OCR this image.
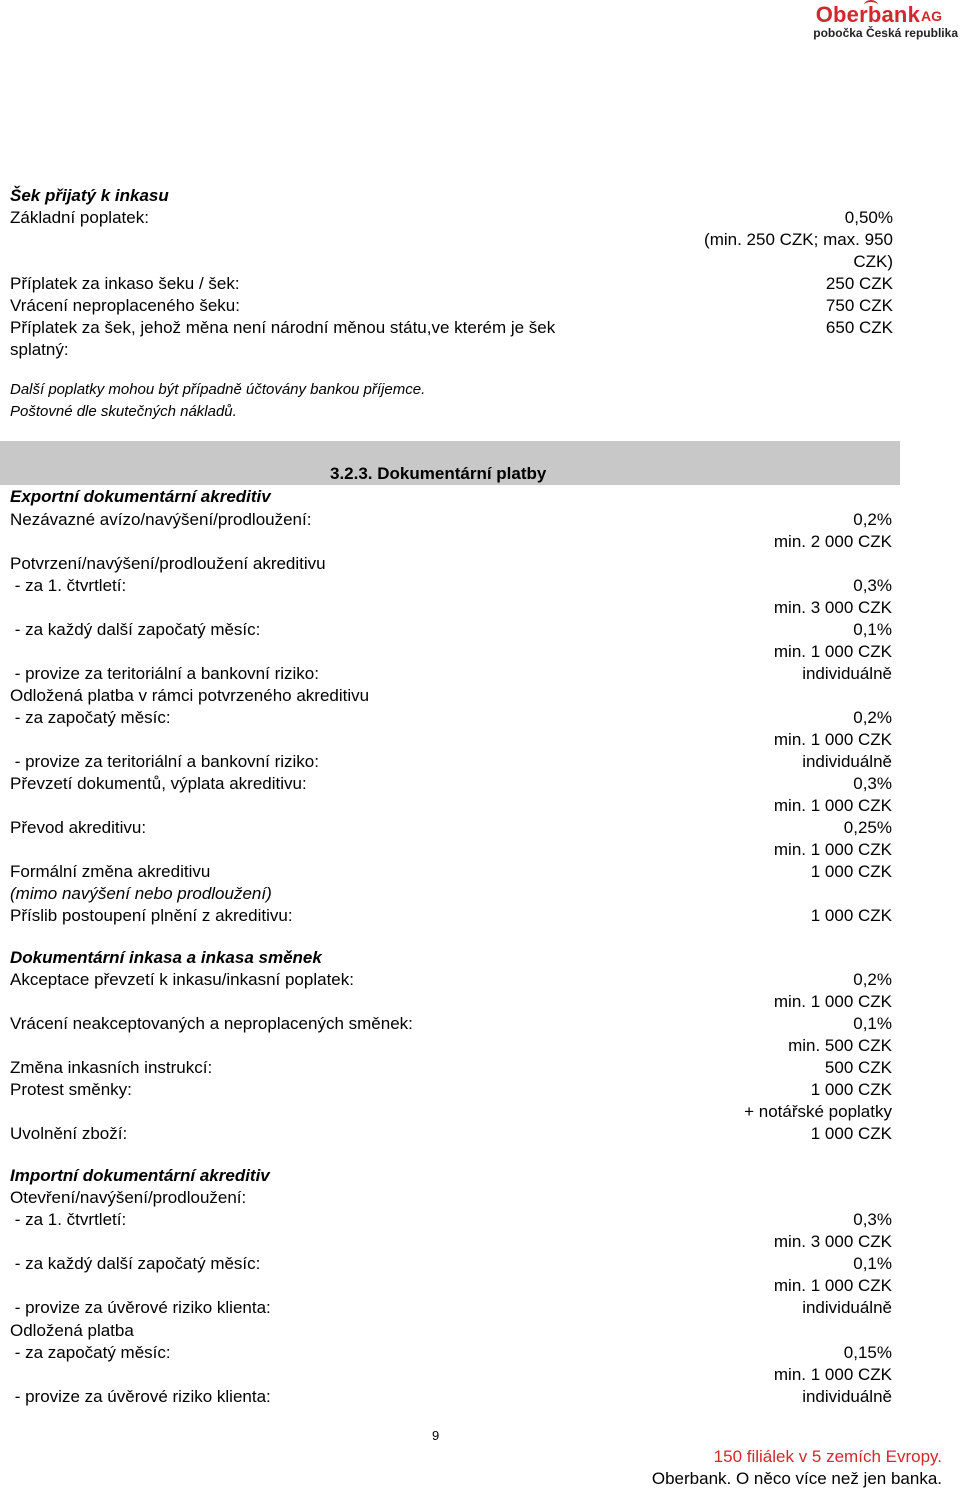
Oberbank AG
pobočka Česká republika
Šek přijatý k inkasu
Základní poplatek:	0,50%
(min. 250 CZK; max. 950
CZK)
Příplatek za inkaso šeku / šek:	250 CZK
Vrácení neproplaceného šeku:	750 CZK
Příplatek za šek, jehož měna není národní měnou státu,ve kterém je šek	650 CZK
splatný:
Další poplatky mohou být případně účtovány bankou příjemce.
Poštovné dle skutečných nákladů.
3.2.3. Dokumentární platby
Exportní dokumentární akreditiv
Nezávazné avízo/navýšení/prodloužení:	0,2%
min. 2 000 CZK
Potvrzení/navýšení/prodloužení akreditivu
- za 1. čtvrtletí:	0,3%
min. 3 000 CZK
- za každý další započatý měsíc:	0,1%
min. 1 000 CZK
- provize za teritoriální a bankovní riziko:	individuálně
Odložená platba v rámci potvrzeného akreditivu
- za započatý měsíc:	0,2%
min. 1 000 CZK
- provize za teritoriální a bankovní riziko:	individuálně
Převzetí dokumentů, výplata akreditivu:	0,3%
min. 1 000 CZK
Převod akreditivu:	0,25%
min. 1 000 CZK
Formální změna akreditivu	1 000 CZK
(mimo navýšení nebo prodloužení)
Příslib postoupení plnění z akreditivu:	1 000 CZK
Dokumentární inkasa a inkasa směnek
Akceptace převzetí k inkasu/inkasní poplatek:	0,2%
min. 1 000 CZK
Vrácení neakceptovaných a neproplacených směnek:	0,1%
min. 500 CZK
Změna inkasních instrukcí:	500 CZK
Protest směnky:	1 000 CZK
+ notářské poplatky
Uvolnění zboží:	1 000 CZK
Importní dokumentární akreditiv
Otevření/navýšení/prodloužení:
- za 1. čtvrtletí:	0,3%
min. 3 000 CZK
- za každý další započatý měsíc:	0,1%
min. 1 000 CZK
- provize za úvěrové riziko klienta:	individuálně
Odložená platba
- za započatý měsíc:	0,15%
min. 1 000 CZK
- provize za úvěrové riziko klienta:	individuálně
9
150 filiálek v 5 zemích Evropy.
Oberbank. O něco více než jen banka.
